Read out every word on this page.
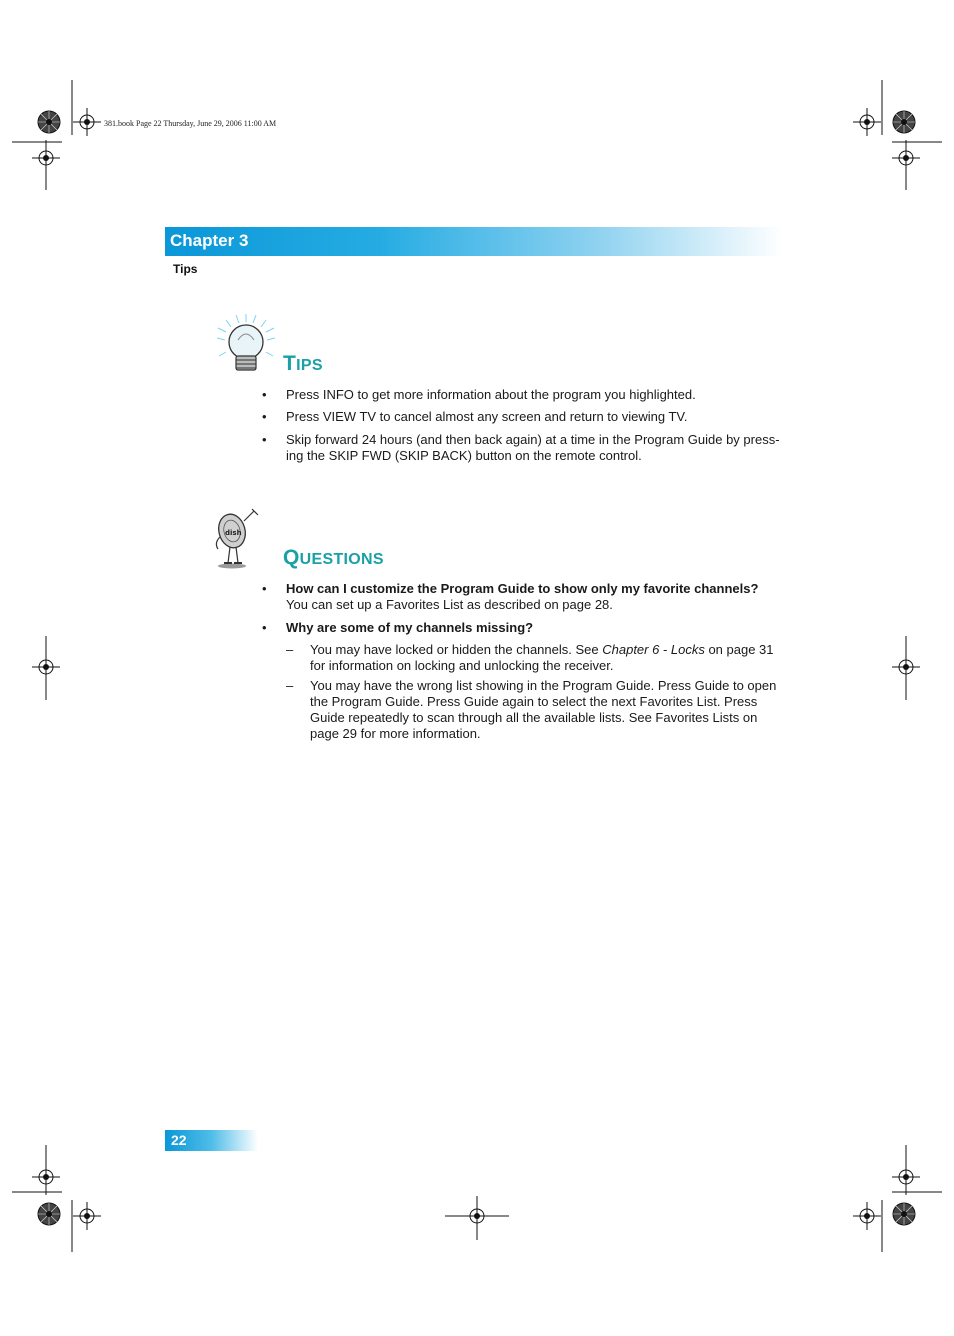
381.book Page 22 Thursday, June 29, 2006 11:00 AM
Chapter 3
Tips
TIPS
• Press INFO to get more information about the program you highlighted.
• Press VIEW TV to cancel almost any screen and return to viewing TV.
• Skip forward 24 hours (and then back again) at a time in the Program Guide by press-
ing the SKIP FWD (SKIP BACK) button on the remote control.
dish
QUESTIONS
• How can I customize the Program Guide to show only my favorite channels?
You can set up a Favorites List as described on page 28.
• Why are some of my channels missing?
– You may have locked or hidden the channels. See Chapter 6 - Locks on page 31
for information on locking and unlocking the receiver.
– You may have the wrong list showing in the Program Guide. Press Guide to open
the Program Guide. Press Guide again to select the next Favorites List. Press
Guide repeatedly to scan through all the available lists. See Favorites Lists on
page 29 for more information.
22
